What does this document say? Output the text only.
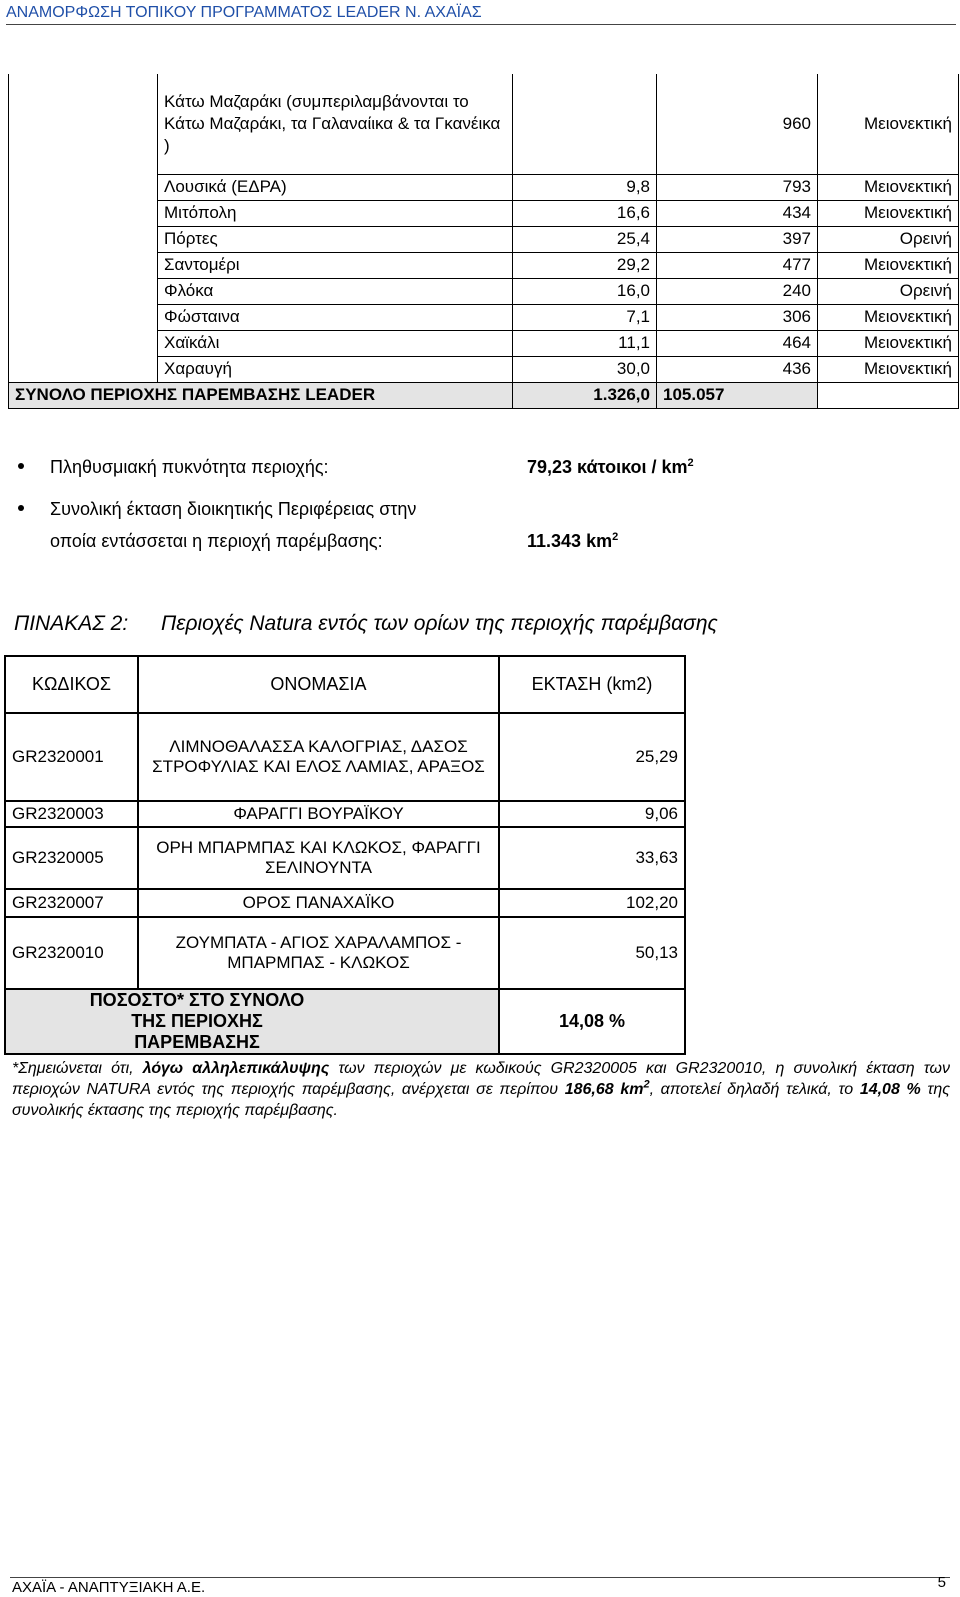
ΑΝΑΜΟΡΦΩΣΗ ΤΟΠΙΚΟΥ ΠΡΟΓΡΑΜΜΑΤΟΣ LEADER Ν. ΑΧΑΪΑΣ
	Κάτω Μαζαράκι (συμπεριλαμβάνονται το Κάτω Μαζαράκι, τα Γαλαναίικα & τα Γκανέικα )		960	Μειονεκτική
	Λουσικά (ΕΔΡΑ)	9,8	793	Μειονεκτική
	Μιτόπολη	16,6	434	Μειονεκτική
	Πόρτες	25,4	397	Ορεινή
	Σαντομέρι	29,2	477	Μειονεκτική
	Φλόκα	16,0	240	Ορεινή
	Φώσταινα	7,1	306	Μειονεκτική
	Χαϊκάλι	11,1	464	Μειονεκτική
	Χαραυγή	30,0	436	Μειονεκτική
ΣΥΝΟΛΟ ΠΕΡΙΟΧΗΣ ΠΑΡΕΜΒΑΣΗΣ LEADER		1.326,0	105.057	
Πληθυσμιακή πυκνότητα περιοχής:	79,23 κάτοικοι / $km^2$
Συνολική έκταση διοικητικής Περιφέρειας στην
οποία εντάσσεται η περιοχή παρέμβασης:	11.343 $km^2$
ΠΙΝΑΚΑΣ 2: Περιοχές Natura εντός των ορίων της περιοχής παρέμβασης
ΚΩΔΙΚΟΣ	ΟΝΟΜΑΣΙΑ	ΕΚΤΑΣΗ (km2)
GR2320001	ΛΙΜΝΟΘΑΛΑΣΣΑ ΚΑΛΟΓΡΙΑΣ, ΔΑΣΟΣ ΣΤΡΟΦΥΛΙΑΣ ΚΑΙ ΕΛΟΣ ΛΑΜΙΑΣ, ΑΡΑΞΟΣ	25,29
GR2320003	ΦΑΡΑΓΓΙ ΒΟΥΡΑΪΚΟΥ	9,06
GR2320005	ΟΡΗ ΜΠΑΡΜΠΑΣ ΚΑΙ ΚΛΩΚΟΣ, ΦΑΡΑΓΓΙ ΣΕΛΙΝΟΥΝΤΑ	33,63
GR2320007	ΟΡΟΣ ΠΑΝΑΧΑΪΚΟ	102,20
GR2320010	ΖΟΥΜΠΑΤΑ - ΑΓΙΟΣ ΧΑΡΑΛΑΜΠΟΣ - ΜΠΑΡΜΠΑΣ - ΚΛΩΚΟΣ	50,13
ΠΟΣΟΣΤΟ* ΣΤΟ ΣΥΝΟΛΟ ΤΗΣ ΠΕΡΙΟΧΗΣ ΠΑΡΕΜΒΑΣΗΣ		14,08 %
*Σημειώνεται ότι, λόγω αλληλεπικάλυψης των περιοχών με κωδικούς GR2320005 και GR2320010, η συνολική έκταση των περιοχών NATURA εντός της περιοχής παρέμβασης, ανέρχεται σε περίπου 186,68 $km^2$, αποτελεί δηλαδή τελικά, το 14,08 % της συνολικής έκτασης της περιοχής παρέμβασης.
ΑΧΑΪΑ - ΑΝΑΠΤΥΞΙΑΚΗ Α.Ε.	5
